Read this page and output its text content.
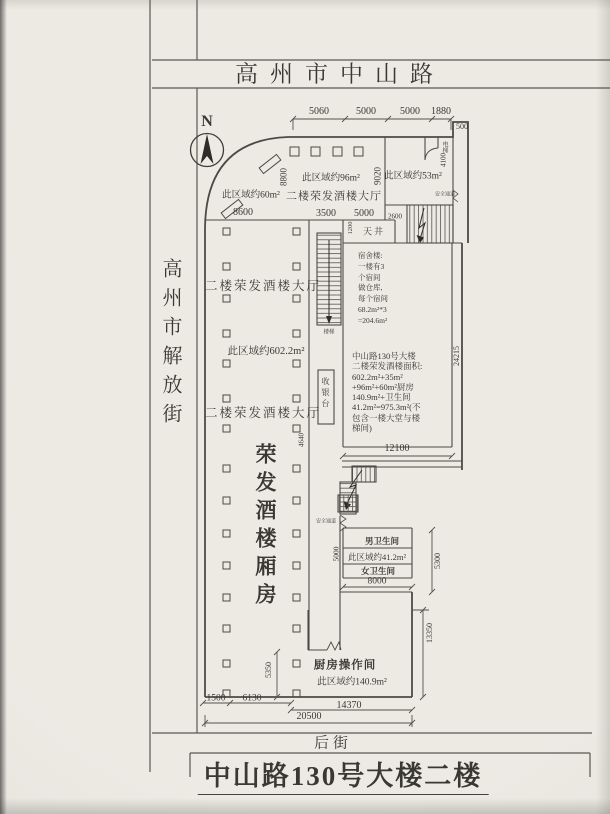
高州市中山路
高州市解放街
后街
中山路130号大楼二楼
N
5060	5000 5000 1880
500
此区域约60m²
8600
8800 此区域约96m²
二楼荣发酒楼大厅
3500 5000
9020 此区域约53m²
电梯
安全通道
4100
天井
1200
2600
宿舍楼:
一楼有3
个宿间
做仓库,
每个宿间
68.2m²*3
=204.6m²
中山路130号大楼
二楼荣发酒楼面积:
602.2m²+35m²
+96m²+60m²厨房
140.9m²+卫生间
41.2m²=975.3m²(不
包含一楼大堂与楼
梯间)
24215
二楼荣发酒楼大厅
此区域约602.2m²
二楼荣发酒楼大厅
收银台
楼梯
荣发酒楼厢房
4640
12100
安全通道
5000
男卫生间
此区域约41.2m²
女卫生间
8000
5300
厨房操作间
此区域约140.9m²
13350
5350
1500 6130
14370
20500
